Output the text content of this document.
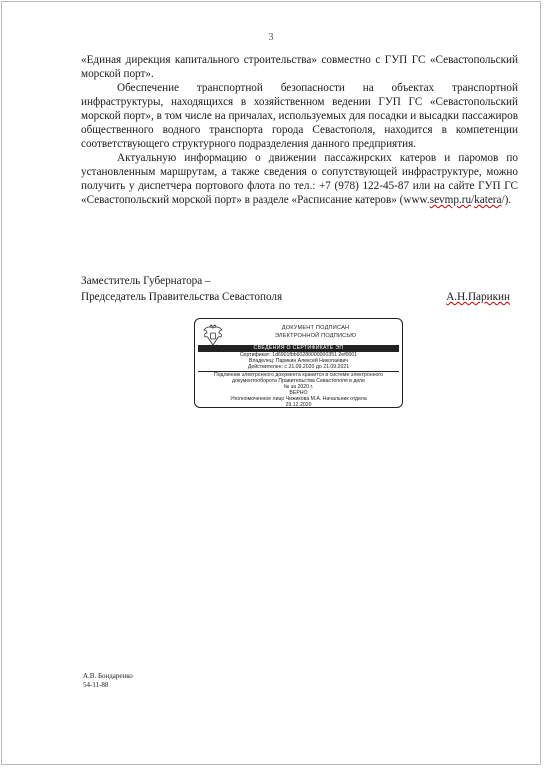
3

«Единая дирекция капитального строительства» совместно с ГУП ГС «Севастопольский морской порт».

Обеспечение транспортной безопасности на объектах транспортной инфраструктуры, находящихся в хозяйственном ведении ГУП ГС «Севастопольский морской порт», в том числе на причалах, используемых для посадки и высадки пассажиров общественного водного транспорта города Севастополя, находится в компетенции соответствующего структурного подразделения данного предприятия.

Актуальную информацию о движении пассажирских катеров и паромов по установленным маршрутам, а также сведения о сопутствующей инфраструктуре, можно получить у диспетчера портового флота по тел.: +7 (978) 122-45-87 или на сайте ГУП ГС «Севастопольский морской порт» в разделе «Расписание катеров» (www.sevmp.ru/katera/).

Заместитель Губернатора –
Председатель Правительства Севастополя	А.Н.Парикин
ДОКУМЕНТ ПОДПИСАН
ЭЛЕКТРОННОЙ ПОДПИСЬЮ
СВЕДЕНИЯ О СЕРТИФИКАТЕ ЭП
Сертификат: 1d6901fbb60280000000351 2ef0001
Владелец: Парикин Алексей Николаевич
Действителен: с 21.09.2020 до 21.09.2021
Подлинник электронного документа хранится в системе электронного
документооборота Правительства Севастополя в деле
№ за 2020 г.
ВЕРНО
Уполномоченное лицо Чижикова М.А. Начальник отдела
29.12.2020
А.В. Бондаренко
54-11-88
